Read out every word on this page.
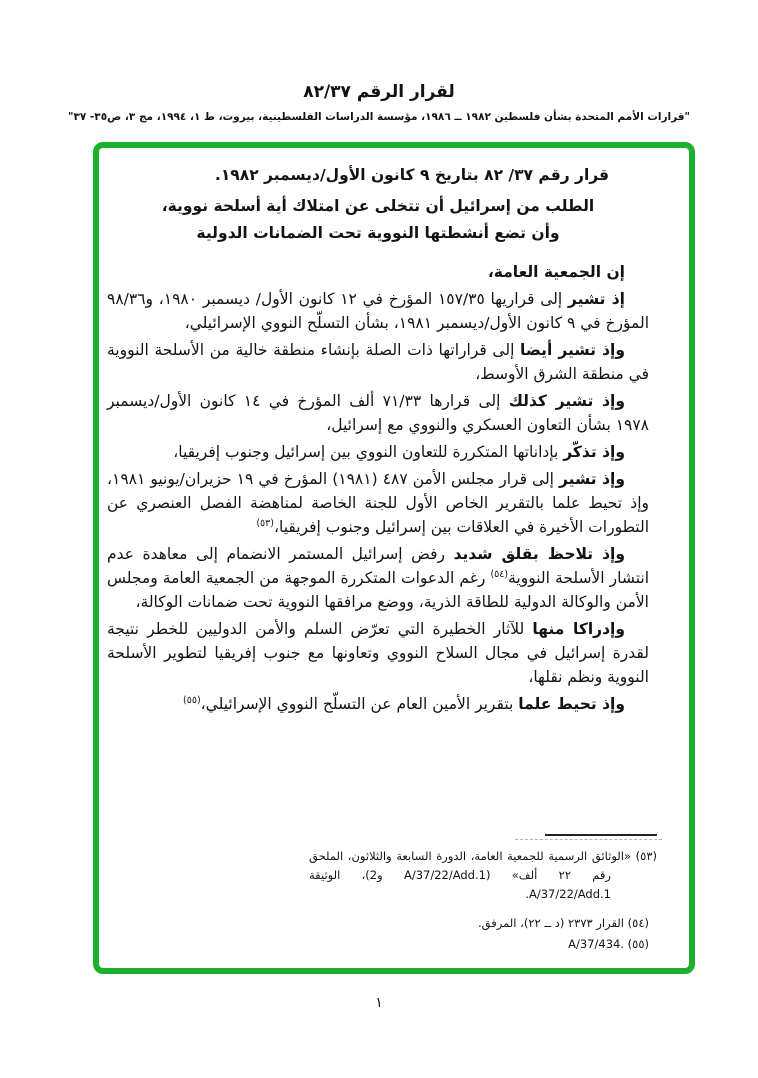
لقرار الرقم ٨٢/٣٧
"قرارات الأمم المتحدة بشأن فلسطين ١٩٨٢ ــ ١٩٨٦، مؤسسة الدراسات الفلسطينية، بيروت، ط ١، ١٩٩٤، مج ٣، ص٣٥- ٣٧"

قرار رقم ٣٧/ ٨٢ بتاريخ ٩ كانون الأول/ديسمبر ١٩٨٢.

الطلب من إسرائيل أن تتخلى عن امتلاك أية أسلحة نووية،

وأن تضع أنشطتها النووية تحت الضمانات الدولية

إن الجمعية العامة،

إذ تشير إلى قراريها ١٥٧/٣٥ المؤرخ في ١٢ كانون الأول/ ديسمبر ١٩٨٠، و٩٨/٣٦ المؤرخ في ٩ كانون الأول/ديسمبر ١٩٨١، بشأن التسلّح النووي الإسرائيلي،

وإذ تشير أيضا إلى قراراتها ذات الصلة بإنشاء منطقة خالية من الأسلحة النووية في منطقة الشرق الأوسط،

وإذ تشير كذلك إلى قرارها ٧١/٣٣ ألف المؤرخ في ١٤ كانون الأول/ديسمبر ١٩٧٨ بشأن التعاون العسكري والنووي مع إسرائيل،

وإذ تذكّر بإداناتها المتكررة للتعاون النووي بين إسرائيل وجنوب إفريقيا،

وإذ تشير إلى قرار مجلس الأمن ٤٨٧ (١٩٨١) المؤرخ في ١٩ حزيران/يونيو ١٩٨١، وإذ تحيط علما بالتقرير الخاص الأول للجنة الخاصة لمناهضة الفصل العنصري عن التطورات الأخيرة في العلاقات بين إسرائيل وجنوب إفريقيا،$^{(٥٣)}$

وإذ تلاحظ بقلق شديد رفض إسرائيل المستمر الانضمام إلى معاهدة عدم انتشار الأسلحة النووية$^{(٥٤)}$ رغم الدعوات المتكررة الموجهة من الجمعية العامة ومجلس الأمن والوكالة الدولية للطاقة الذرية، ووضع مرافقها النووية تحت ضمانات الوكالة،

وإدراكا منها للآثار الخطيرة التي تعرّض السلم والأمن الدوليين للخطر نتيجة لقدرة إسرائيل في مجال السلاح النووي وتعاونها مع جنوب إفريقيا لتطوير الأسلحة النووية ونظم نقلها،

وإذ تحيط علما بتقرير الأمين العام عن التسلّح النووي الإسرائيلي،$^{(٥٥)}$

(٥٣) «الوثائق الرسمية للجمعية العامة، الدورة السابعة والثلاثون، الملحق رقم ٢٢ ألف» (A/37/22/Add.1 و2)، الوثيقة A/37/22/Add.1.

(٥٤) القرار ٢٣٧٣ (د ــ ٢٢)، المرفق.

(٥٥) A/37/434.

١
